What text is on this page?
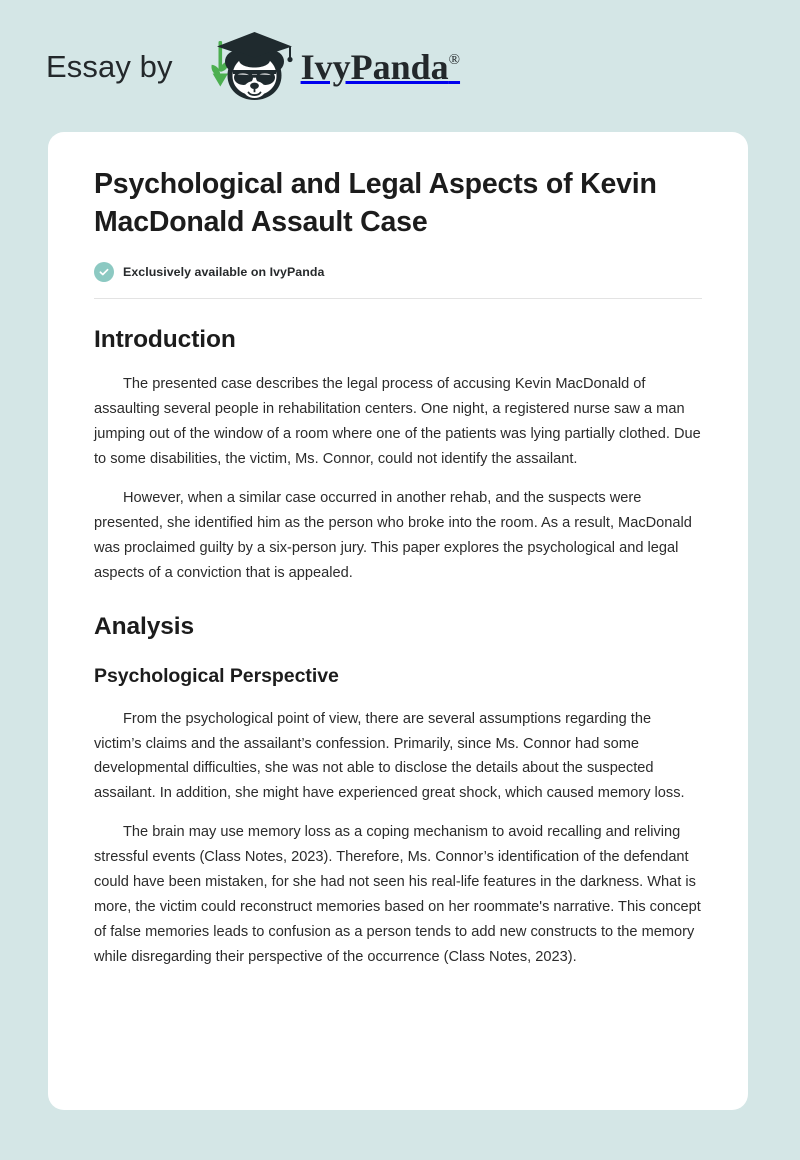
Essay by	IvyPanda®
Psychological and Legal Aspects of Kevin MacDonald Assault Case
Exclusively available on IvyPanda
Introduction

The presented case describes the legal process of accusing Kevin MacDonald of assaulting several people in rehabilitation centers. One night, a registered nurse saw a man jumping out of the window of a room where one of the patients was lying partially clothed. Due to some disabilities, the victim, Ms. Connor, could not identify the assailant.

However, when a similar case occurred in another rehab, and the suspects were presented, she identified him as the person who broke into the room. As a result, MacDonald was proclaimed guilty by a six-person jury. This paper explores the psychological and legal aspects of a conviction that is appealed.

Analysis
Psychological Perspective

From the psychological point of view, there are several assumptions regarding the victim’s claims and the assailant’s confession. Primarily, since Ms. Connor had some developmental difficulties, she was not able to disclose the details about the suspected assailant. In addition, she might have experienced great shock, which caused memory loss.

The brain may use memory loss as a coping mechanism to avoid recalling and reliving stressful events (Class Notes, 2023). Therefore, Ms. Connor’s identification of the defendant could have been mistaken, for she had not seen his real-life features in the darkness. What is more, the victim could reconstruct memories based on her roommate's narrative. This concept of false memories leads to confusion as a person tends to add new constructs to the memory while disregarding their perspective of the occurrence (Class Notes, 2023).
